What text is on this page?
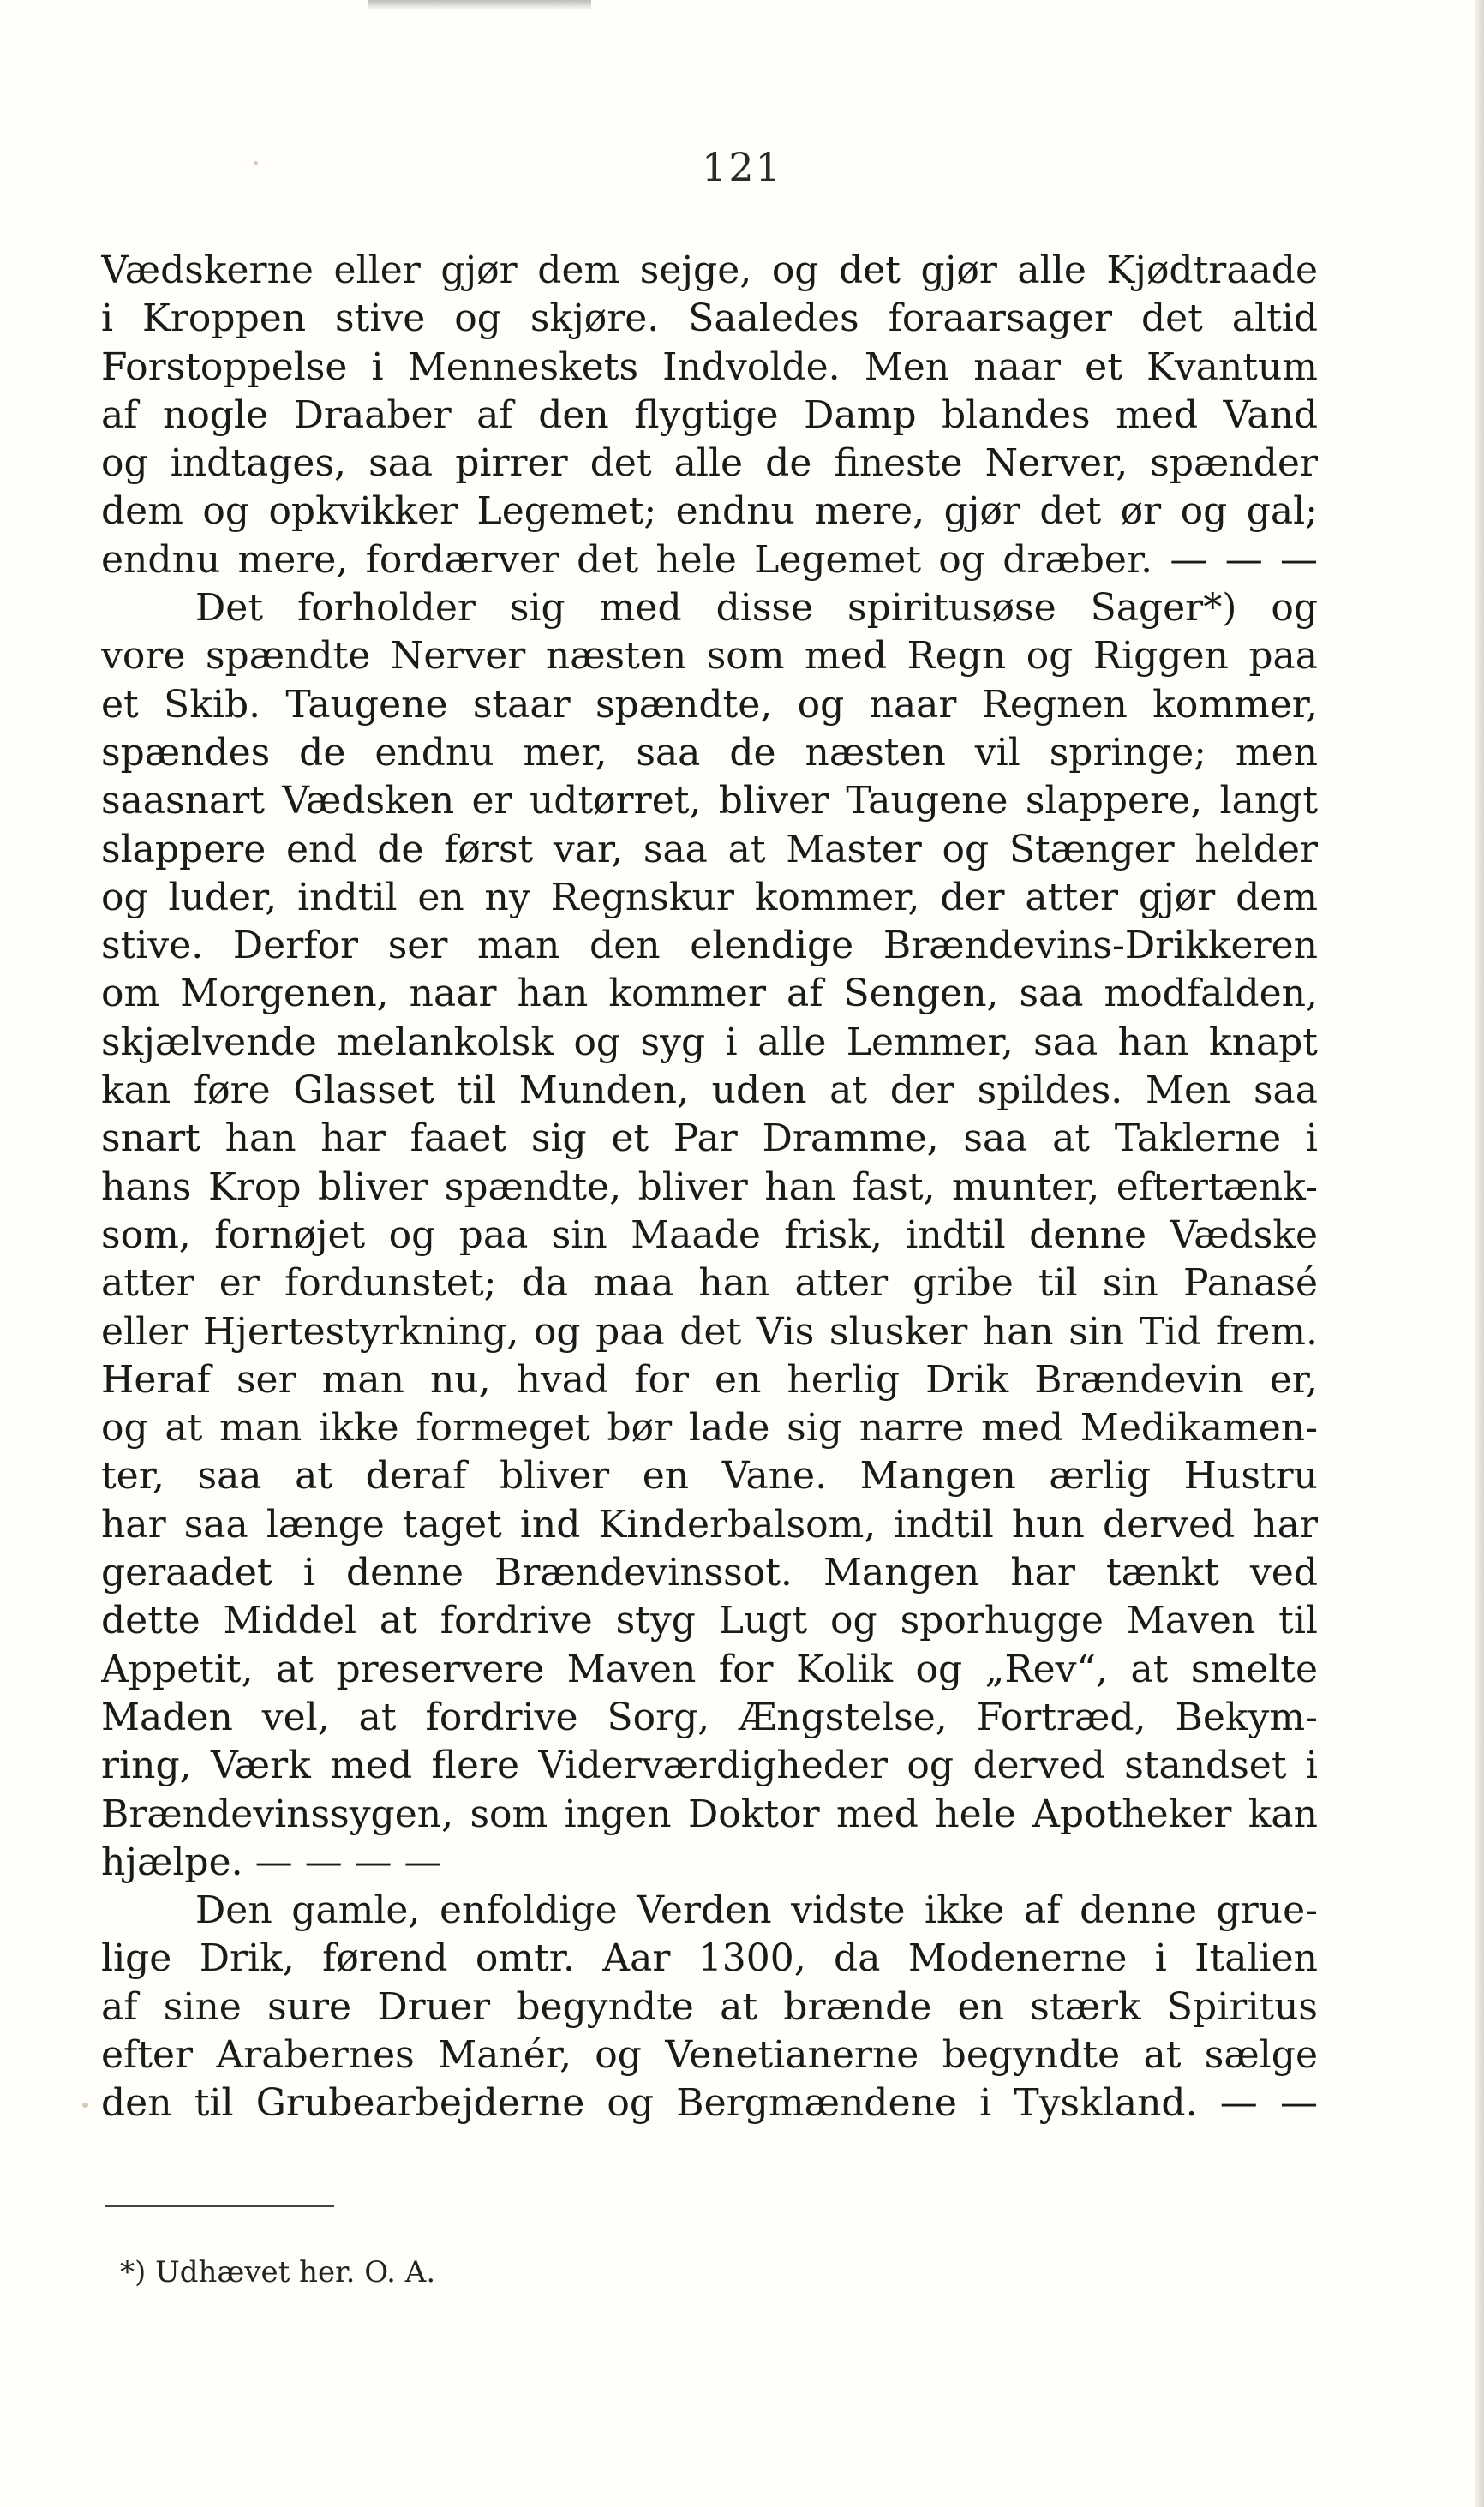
121
Vædskerne eller gjør dem sejge, og det gjør alle Kjødtraade
i Kroppen stive og skjøre. Saaledes foraarsager det altid
Forstoppelse i Menneskets Indvolde. Men naar et Kvantum
af nogle Draaber af den flygtige Damp blandes med Vand
og indtages, saa pirrer det alle de fineste Nerver, spænder
dem og opkvikker Legemet; endnu mere, gjør det ør og gal;
endnu mere, fordærver det hele Legemet og dræber. — — —
Det forholder sig med disse spiritusøse Sager*) og
vore spændte Nerver næsten som med Regn og Riggen paa
et Skib. Taugene staar spændte, og naar Regnen kommer,
spændes de endnu mer, saa de næsten vil springe; men
saasnart Vædsken er udtørret, bliver Taugene slappere, langt
slappere end de først var, saa at Master og Stænger helder
og luder, indtil en ny Regnskur kommer, der atter gjør dem
stive. Derfor ser man den elendige Brændevins-Drikkeren
om Morgenen, naar han kommer af Sengen, saa modfalden,
skjælvende melankolsk og syg i alle Lemmer, saa han knapt
kan føre Glasset til Munden, uden at der spildes. Men saa
snart han har faaet sig et Par Dramme, saa at Taklerne i
hans Krop bliver spændte, bliver han fast, munter, eftertænk-
som, fornøjet og paa sin Maade frisk, indtil denne Vædske
atter er fordunstet; da maa han atter gribe til sin Panasé
eller Hjertestyrkning, og paa det Vis slusker han sin Tid frem.
Heraf ser man nu, hvad for en herlig Drik Brændevin er,
og at man ikke formeget bør lade sig narre med Medikamen-
ter, saa at deraf bliver en Vane. Mangen ærlig Hustru
har saa længe taget ind Kinderbalsom, indtil hun derved har
geraadet i denne Brændevinssot. Mangen har tænkt ved
dette Middel at fordrive styg Lugt og sporhugge Maven til
Appetit, at preservere Maven for Kolik og „Rev“, at smelte
Maden vel, at fordrive Sorg, Ængstelse, Fortræd, Bekym-
ring, Værk med flere Viderværdigheder og derved standset i
Brændevinssygen, som ingen Doktor med hele Apotheker kan
hjælpe. — — — —
Den gamle, enfoldige Verden vidste ikke af denne grue-
lige Drik, førend omtr. Aar 1300, da Modenerne i Italien
af sine sure Druer begyndte at brænde en stærk Spiritus
efter Arabernes Manér, og Venetianerne begyndte at sælge
den til Grubearbejderne og Bergmændene i Tyskland. — —
*) Udhævet her. O. A.
